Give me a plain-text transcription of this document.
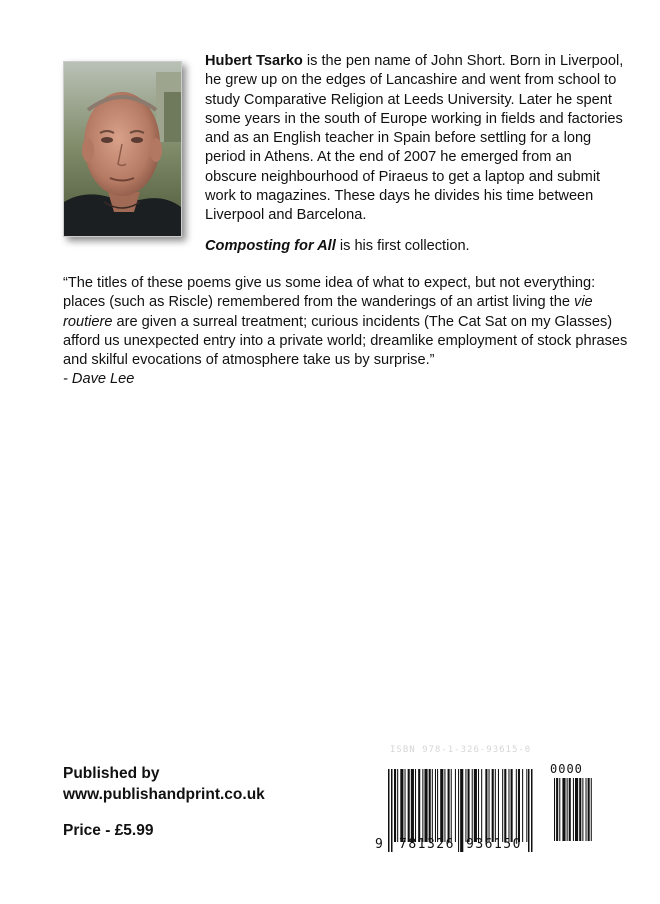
Hubert Tsarko is the pen name of John Short. Born in Liverpool, he grew up on the edges of Lancashire and went from school to study Comparative Religion at Leeds University. Later he spent some years in the south of Europe working in fields and factories and as an English teacher in Spain before settling for a long period in Athens. At the end of 2007 he emerged from an obscure neighbourhood of Piraeus to get a laptop and submit work to magazines. These days he divides his time between Liverpool and Barcelona.

Composting for All is his first collection.

“The titles of these poems give us some idea of what to expect, but not everything: places (such as Riscle) remembered from the wanderings of an artist living the vie routiere are given a surreal treatment; curious incidents (The Cat Sat on my Glasses) afford us unexpected entry into a private world; dreamlike employment of stock phrases and skilful evocations of atmosphere take us by surprise.”
- Dave Lee

Published by
www.publishandprint.co.uk
Price - £5.99
ISBN 978-1-326-93615-0
0000
9 781326 936150
